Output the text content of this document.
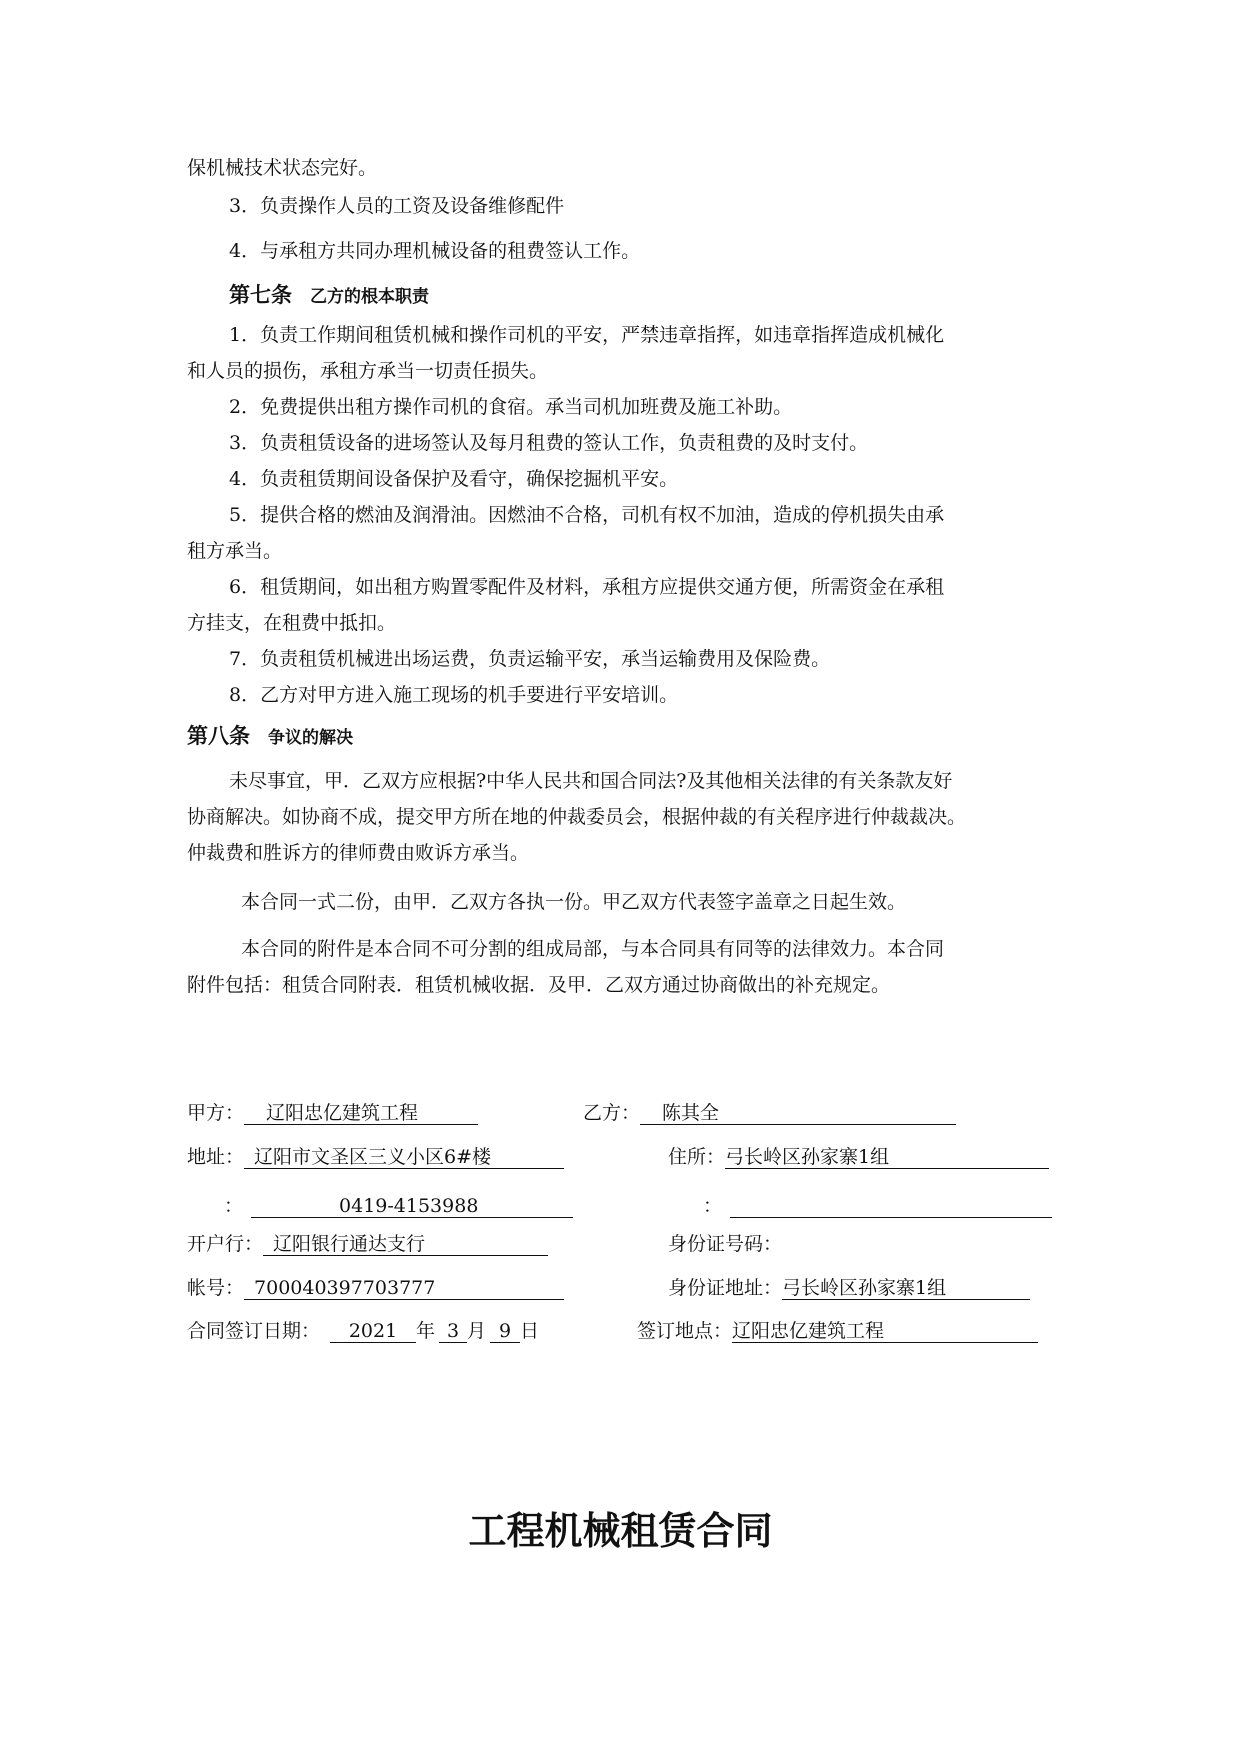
保机械技术状态完好。
3．负责操作人员的工资及设备维修配件
4．与承租方共同办理机械设备的租费签认工作。
第七条 乙方的根本职责
1．负责工作期间租赁机械和操作司机的平安，严禁违章指挥，如违章指挥造成机械化
和人员的损伤，承租方承当一切责任损失。
2．免费提供出租方操作司机的食宿。承当司机加班费及施工补助。
3．负责租赁设备的进场签认及每月租费的签认工作，负责租费的及时支付。
4．负责租赁期间设备保护及看守，确保挖掘机平安。
5．提供合格的燃油及润滑油。因燃油不合格，司机有权不加油，造成的停机损失由承
租方承当。
6．租赁期间，如出租方购置零配件及材料，承租方应提供交通方便，所需资金在承租
方挂支，在租费中抵扣。
7．负责租赁机械进出场运费，负责运输平安，承当运输费用及保险费。
8．乙方对甲方进入施工现场的机手要进行平安培训。
第八条 争议的解决
未尽事宜，甲．乙双方应根据?中华人民共和国合同法?及其他相关法律的有关条款友好
协商解决。如协商不成，提交甲方所在地的仲裁委员会，根据仲裁的有关程序进行仲裁裁决。
仲裁费和胜诉方的律师费由败诉方承当。
本合同一式二份，由甲．乙双方各执一份。甲乙双方代表签字盖章之日起生效。
本合同的附件是本合同不可分割的组成局部，与本合同具有同等的法律效力。本合同
附件包括：租赁合同附表．租赁机械收据．及甲．乙双方通过协商做出的补充规定。
甲方： 辽阳忠亿建筑工程	乙方： 陈其全
地址： 辽阳市文圣区三义小区6#楼	住所：弓长岭区孙家寨1组
：	0419-4153988	：
开户行： 辽阳银行通达支行	身份证号码：
帐号： 700040397703777	身份证地址：弓长岭区孙家寨1组
合同签订日期： 2021 年 3 月 9 日	签订地点：辽阳忠亿建筑工程
工程机械租赁合同
